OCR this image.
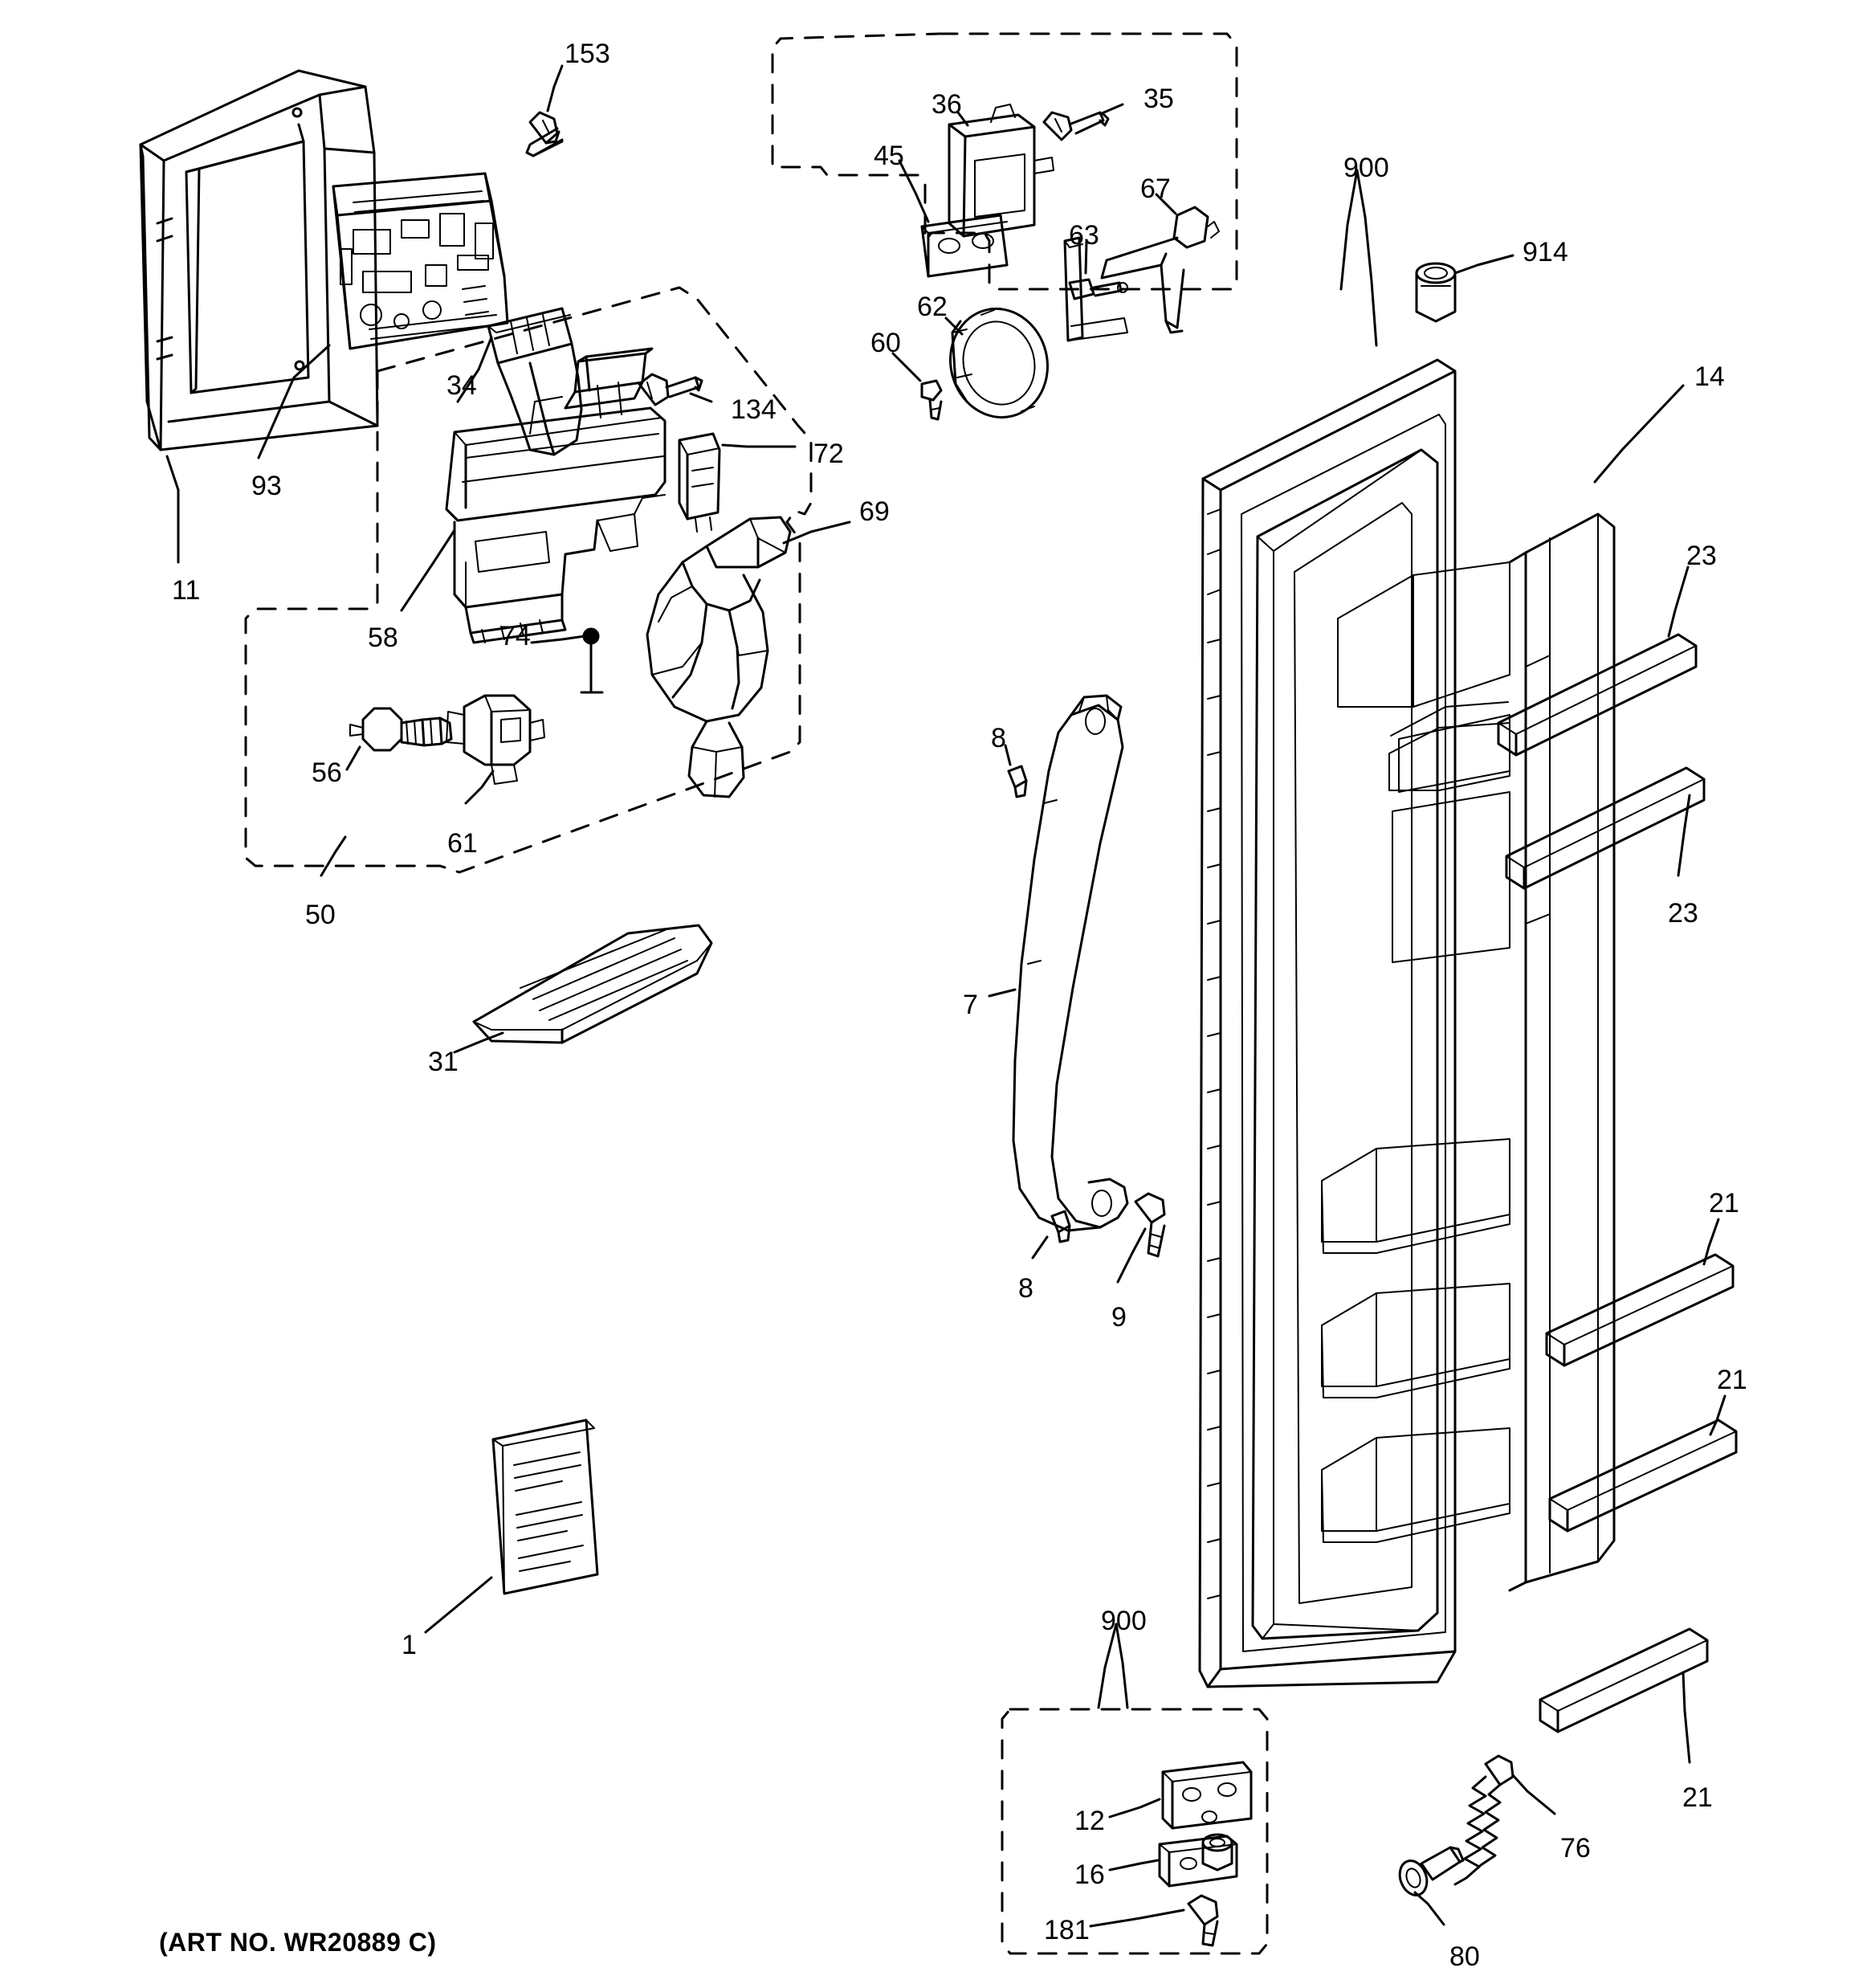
153
36	35
45	900
914
67
63
62
60
34
134
93
14
72
69
11
23
58	74
23
56
61
50
8
7
31
21
8
9
21
900
1
12
21
16
76
181
80
(ART NO. WR20889 C)
